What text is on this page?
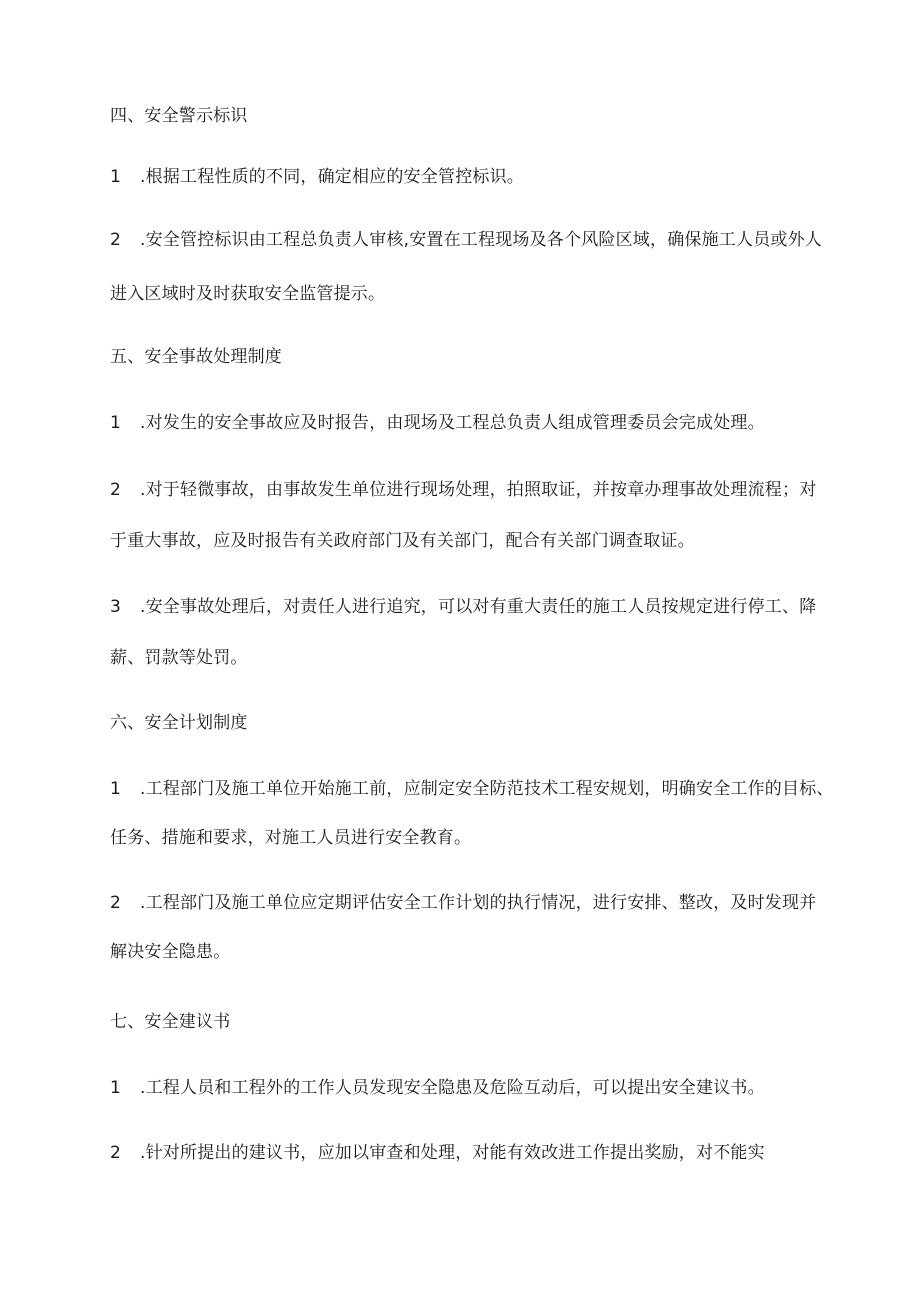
四、安全警示标识
1 .根据工程性质的不同，确定相应的安全管控标识。
2 .安全管控标识由工程总负责人审核,安置在工程现场及各个风险区域，确保施工人员或外人
进入区域时及时获取安全监管提示。
五、安全事故处理制度
1 .对发生的安全事故应及时报告，由现场及工程总负责人组成管理委员会完成处理。
2 .对于轻微事故，由事故发生单位进行现场处理，拍照取证，并按章办理事故处理流程；对
于重大事故，应及时报告有关政府部门及有关部门，配合有关部门调查取证。
3 .安全事故处理后，对责任人进行追究，可以对有重大责任的施工人员按规定进行停工、降
薪、罚款等处罚。
六、安全计划制度
1 .工程部门及施工单位开始施工前，应制定安全防范技术工程安规划，明确安全工作的目标、
任务、措施和要求，对施工人员进行安全教育。
2 .工程部门及施工单位应定期评估安全工作计划的执行情况，进行安排、整改，及时发现并
解决安全隐患。
七、安全建议书
1 .工程人员和工程外的工作人员发现安全隐患及危险互动后，可以提出安全建议书。
2 .针对所提出的建议书，应加以审查和处理，对能有效改进工作提出奖励，对不能实
